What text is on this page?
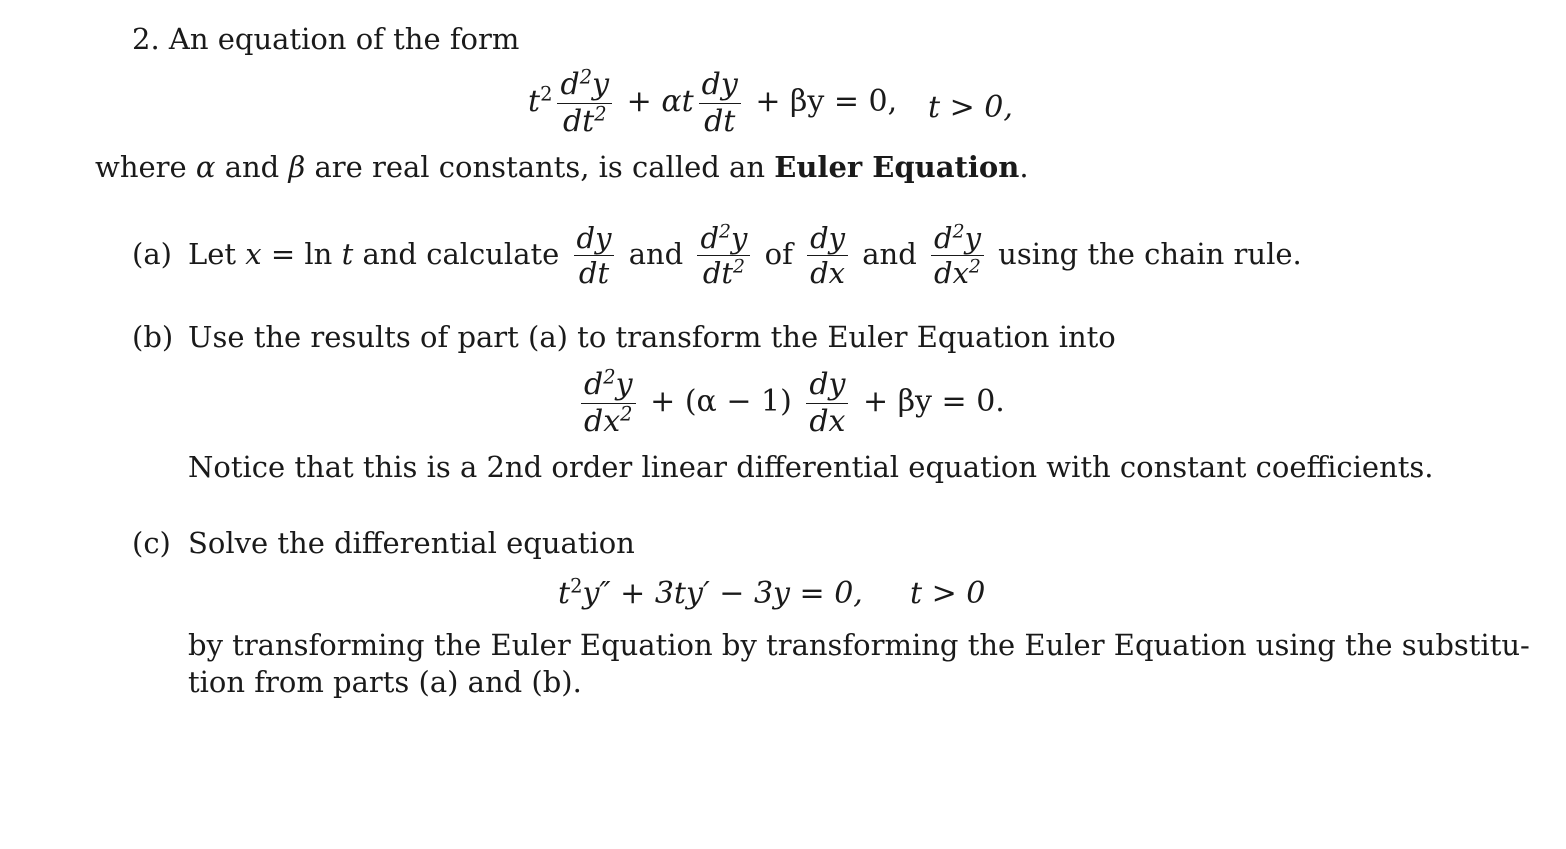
2. An equation of the form
$t^2 \frac{d^2y}{dt^2} + \alpha t \frac{dy}{dt} + \beta y = 0$, t > 0,
where α and β are real constants, is called an Euler Equation.
(a) Let x = ln t and calculate $\frac{dy}{dt}$ and $\frac{d^2y}{dt^2}$ of $\frac{dy}{dx}$ and $\frac{d^2y}{dx^2}$ using the chain rule.
(b) Use the results of part (a) to transform the Euler Equation into
$\frac{d^2y}{dx^2} + (\alpha - 1) \frac{dy}{dx} + \beta y = 0$.
Notice that this is a 2nd order linear differential equation with constant coefficients.
(c) Solve the differential equation
$t^2y'' + 3ty' - 3y = 0$, t > 0
by transforming the Euler Equation by transforming the Euler Equation using the substitu-
tion from parts (a) and (b).
